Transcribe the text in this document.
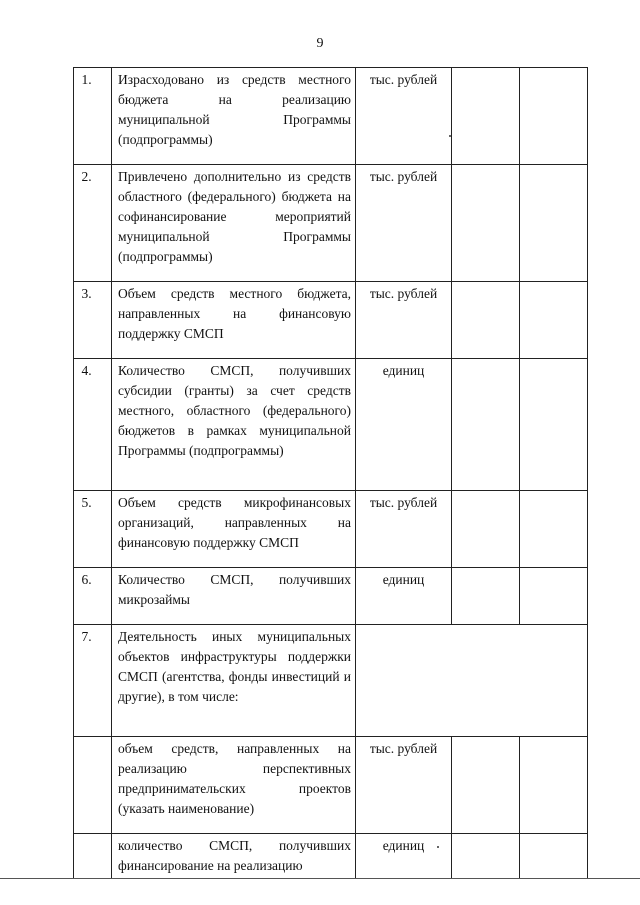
9
1.	Израсходовано из средств местного бюджета на реализацию муниципальной Программы (подпрограммы)	тыс. рублей		
2.	Привлечено дополнительно из средств областного (федерального) бюджета на софинансирование мероприятий муниципальной Программы (подпрограммы)	тыс. рублей		
3.	Объем средств местного бюджета, направленных на финансовую поддержку СМСП	тыс. рублей		
4.	Количество СМСП, получивших субсидии (гранты) за счет средств местного, областного (федерального) бюджетов в рамках муниципальной Программы (подпрограммы)	единиц		
5.	Объем средств микрофинансовых организаций, направленных на финансовую поддержку СМСП	тыс. рублей		
6.	Количество СМСП, получивших микрозаймы	единиц		
7.	Деятельность иных муниципальных объектов инфраструктуры поддержки СМСП (агентства, фонды инвестиций и другие), в том числе:			
	объем средств, направленных на реализацию перспективных предпринимательских проектов (указать наименование)	тыс. рублей		
	количество СМСП, получивших финансирование на реализацию	единиц		
